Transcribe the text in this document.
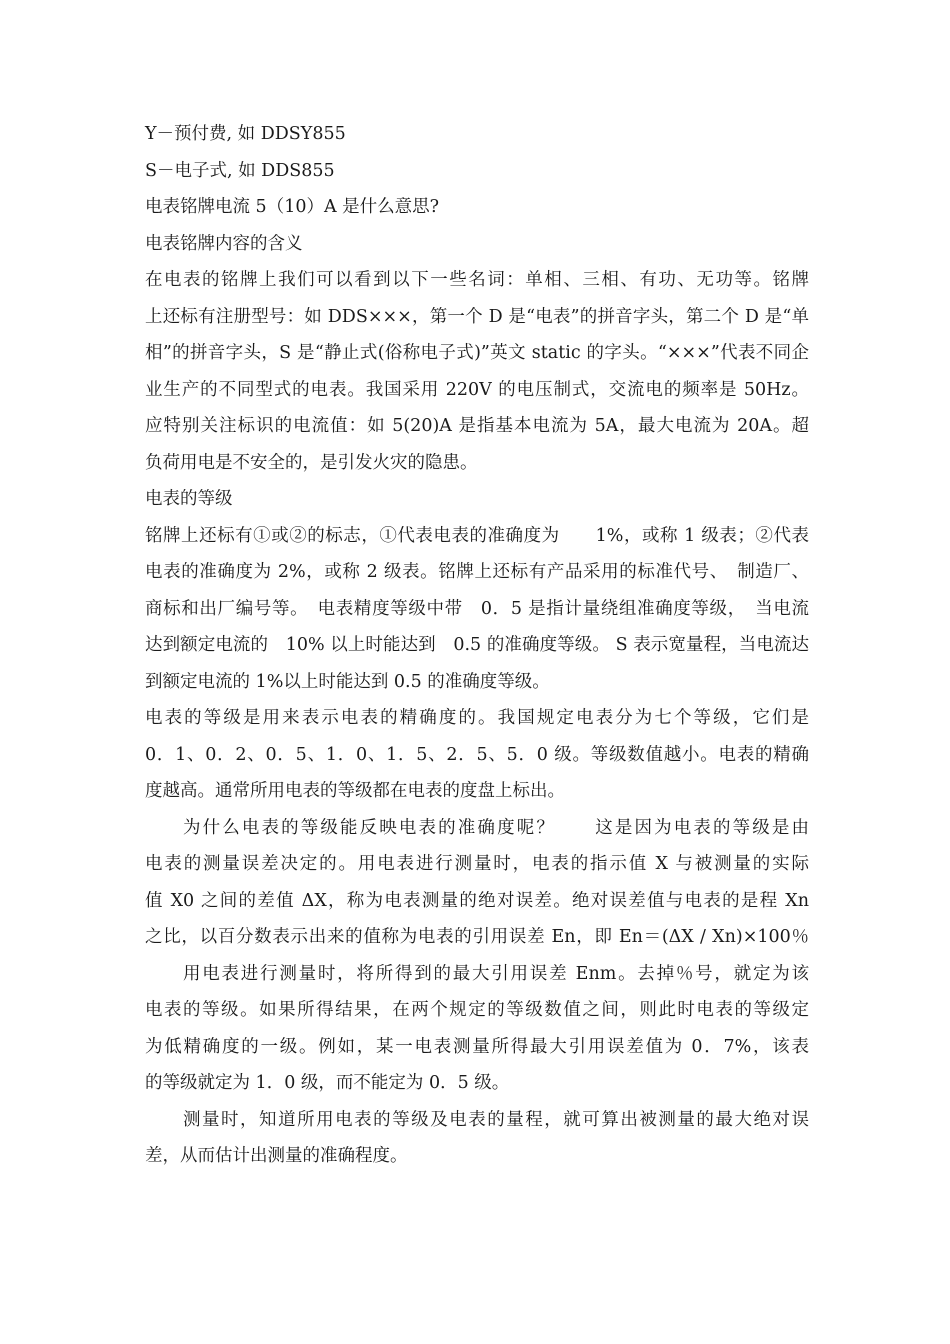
Y－预付费, 如 DDSY855
S－电子式, 如 DDS855
电表铭牌电流 5（10）A 是什么意思?
电表铭牌内容的含义
在电表的铭牌上我们可以看到以下一些名词：单相、三相、有功、无功等。铭牌
上还标有注册型号：如 DDS×××，第一个 D 是“电表”的拼音字头，第二个 D 是“单
相”的拼音字头，S 是“静止式(俗称电子式)”英文 static 的字头。“×××”代表不同企
业生产的不同型式的电表。我国采用 220V 的电压制式，交流电的频率是 50Hz。
应特别关注标识的电流值：如 5(20)A 是指基本电流为 5A，最大电流为 20A。超
负荷用电是不安全的，是引发火灾的隐患。
电表的等级
铭牌上还标有①或②的标志，①代表电表的准确度为　　1%，或称 1 级表；②代表
电表的准确度为 2%，或称 2 级表。铭牌上还标有产品采用的标准代号、　制造厂、
商标和出厂编号等。　电表精度等级中带　0．5 是指计量绕组准确度等级，　当电流
达到额定电流的　10% 以上时能达到　0.5 的准确度等级。 S 表示宽量程，当电流达
到额定电流的 1%以上时能达到 0.5 的准确度等级。
电表的等级是用来表示电表的精确度的。我国规定电表分为七个等级，它们是
0．1、0．2、0．5、1．0、1．5、2．5、5．0 级。等级数值越小。电表的精确
度越高。通常所用电表的等级都在电表的度盘上标出。
为什么电表的等级能反映电表的准确度呢？　　这是因为电表的等级是由
电表的测量误差决定的。用电表进行测量时，电表的指示值 X 与被测量的实际
值 X0 之间的差值 ΔX，称为电表测量的绝对误差。绝对误差值与电表的是程 Xn
之比，以百分数表示出来的值称为电表的引用误差 En，即 En＝(ΔX / Xn)×100％
用电表进行测量时，将所得到的最大引用误差 Enm。去掉％号，就定为该
电表的等级。如果所得结果，在两个规定的等级数值之间，则此时电表的等级定
为低精确度的一级。例如，某一电表测量所得最大引用误差值为 0．7%，该表
的等级就定为 1．0 级，而不能定为 0．5 级。
测量时，知道所用电表的等级及电表的量程，就可算出被测量的最大绝对误
差，从而估计出测量的准确程度。
